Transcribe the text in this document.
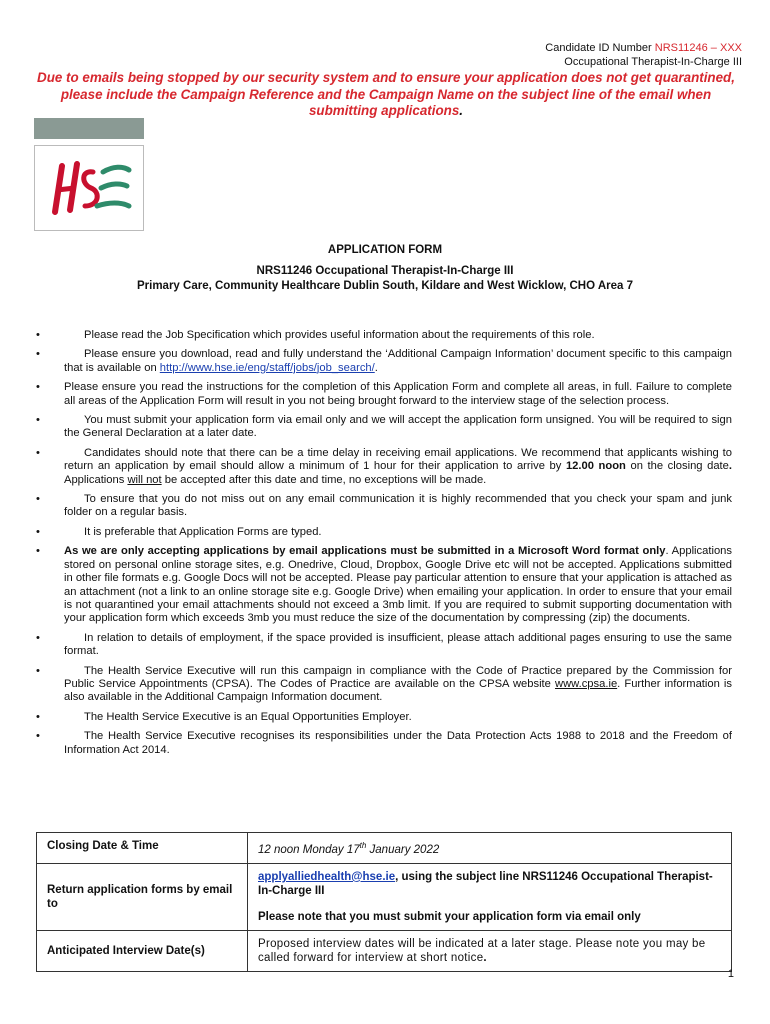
Candidate ID Number NRS11246 – XXX
Occupational Therapist-In-Charge III
Due to emails being stopped by our security system and to ensure your application does not get quarantined, please include the Campaign Reference and the Campaign Name on the subject line of the email when submitting applications.
APPLICATION FORM
NRS11246 Occupational Therapist-In-Charge III
Primary Care, Community Healthcare Dublin South, Kildare and West Wicklow, CHO Area 7
•	Please read the Job Specification which provides useful information about the requirements of this role.
•	Please ensure you download, read and fully understand the ‘Additional Campaign Information’ document specific to this campaign that is available on http://www.hse.ie/eng/staff/jobs/job_search/.
•	Please ensure you read the instructions for the completion of this Application Form and complete all areas, in full. Failure to complete all areas of the Application Form will result in you not being brought forward to the interview stage of the selection process.
•	You must submit your application form via email only and we will accept the application form unsigned. You will be required to sign the General Declaration at a later date.
•	Candidates should note that there can be a time delay in receiving email applications. We recommend that applicants wishing to return an application by email should allow a minimum of 1 hour for their application to arrive by 12.00 noon on the closing date. Applications will not be accepted after this date and time, no exceptions will be made.
•	To ensure that you do not miss out on any email communication it is highly recommended that you check your spam and junk folder on a regular basis.
•	It is preferable that Application Forms are typed.
•	As we are only accepting applications by email applications must be submitted in a Microsoft Word format only. Applications stored on personal online storage sites, e.g. Onedrive, Cloud, Dropbox, Google Drive etc will not be accepted. Applications submitted in other file formats e.g. Google Docs will not be accepted. Please pay particular attention to ensure that your application is attached as an attachment (not a link to an online storage site e.g. Google Drive) when emailing your application. In order to ensure that your email is not quarantined your email attachments should not exceed a 3mb limit. If you are required to submit supporting documentation with your application form which exceeds 3mb you must reduce the size of the documentation by compressing (zip) the documents.
•	In relation to details of employment, if the space provided is insufficient, please attach additional pages ensuring to use the same format.
•	The Health Service Executive will run this campaign in compliance with the Code of Practice prepared by the Commission for Public Service Appointments (CPSA). The Codes of Practice are available on the CPSA website www.cpsa.ie. Further information is also available in the Additional Campaign Information document.
•	The Health Service Executive is an Equal Opportunities Employer.
•	The Health Service Executive recognises its responsibilities under the Data Protection Acts 1988 to 2018 and the Freedom of Information Act 2014.
Closing Date & Time	12 noon Monday 17th January 2022
Return application forms by email to	applyalliedhealth@hse.ie, using the subject line NRS11246 Occupational Therapist-In-Charge III
Please note that you must submit your application form via email only

Anticipated Interview Date(s)	Proposed interview dates will be indicated at a later stage. Please note you may be called forward for interview at short notice.
1
